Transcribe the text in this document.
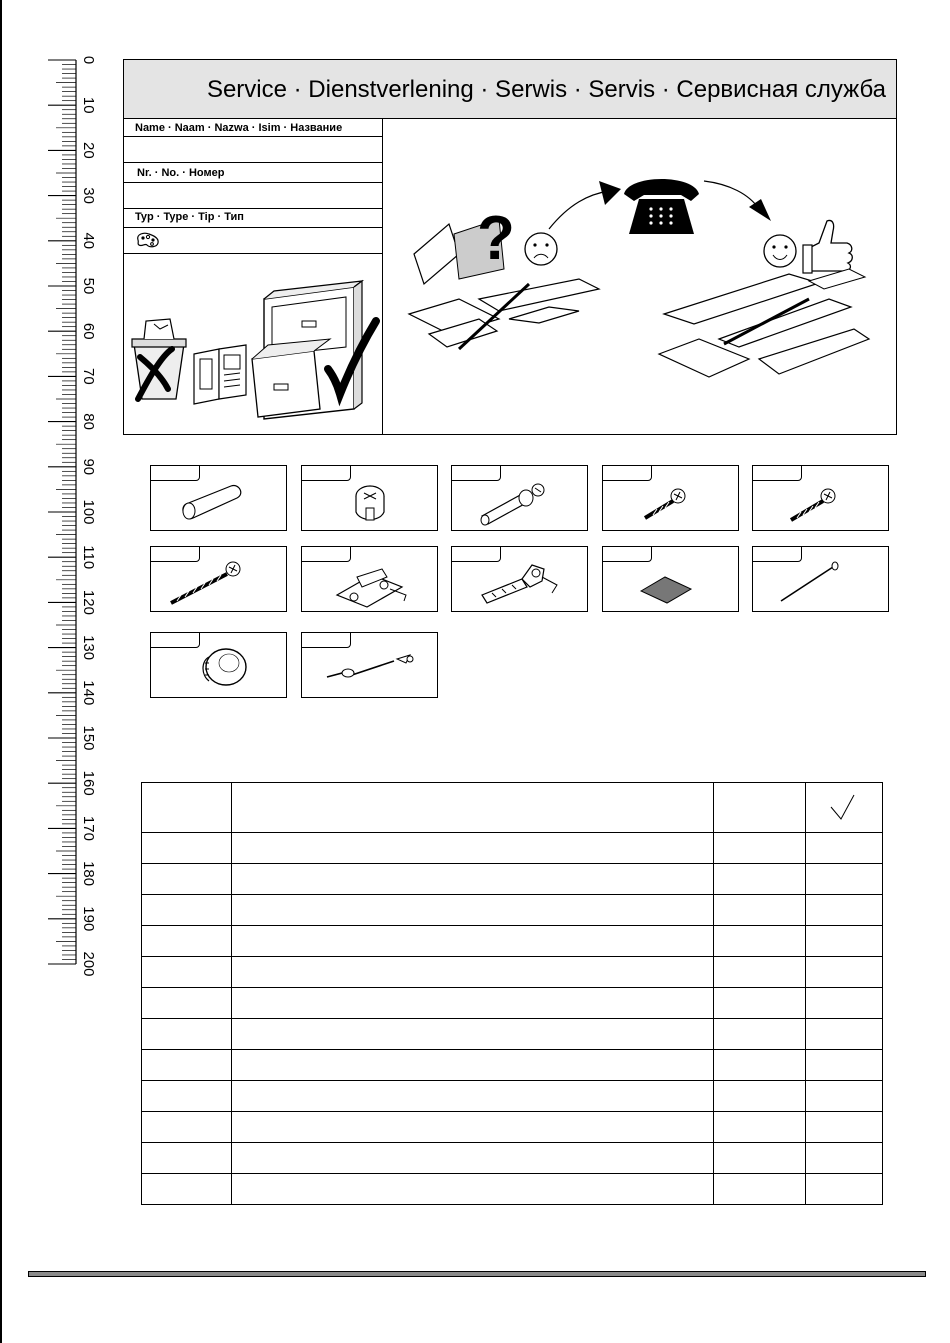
0
10
20
30
40
50
60
70
80
90
100
110
120
130
140
150
160
170
180
190
200
Service · Dienstverlening · Serwis · Servis · Сервисная служба
Name · Naam · Nazwa · Isim · Название
Nr. · No. · Номер
Typ · Type · Tip · Тип	?
